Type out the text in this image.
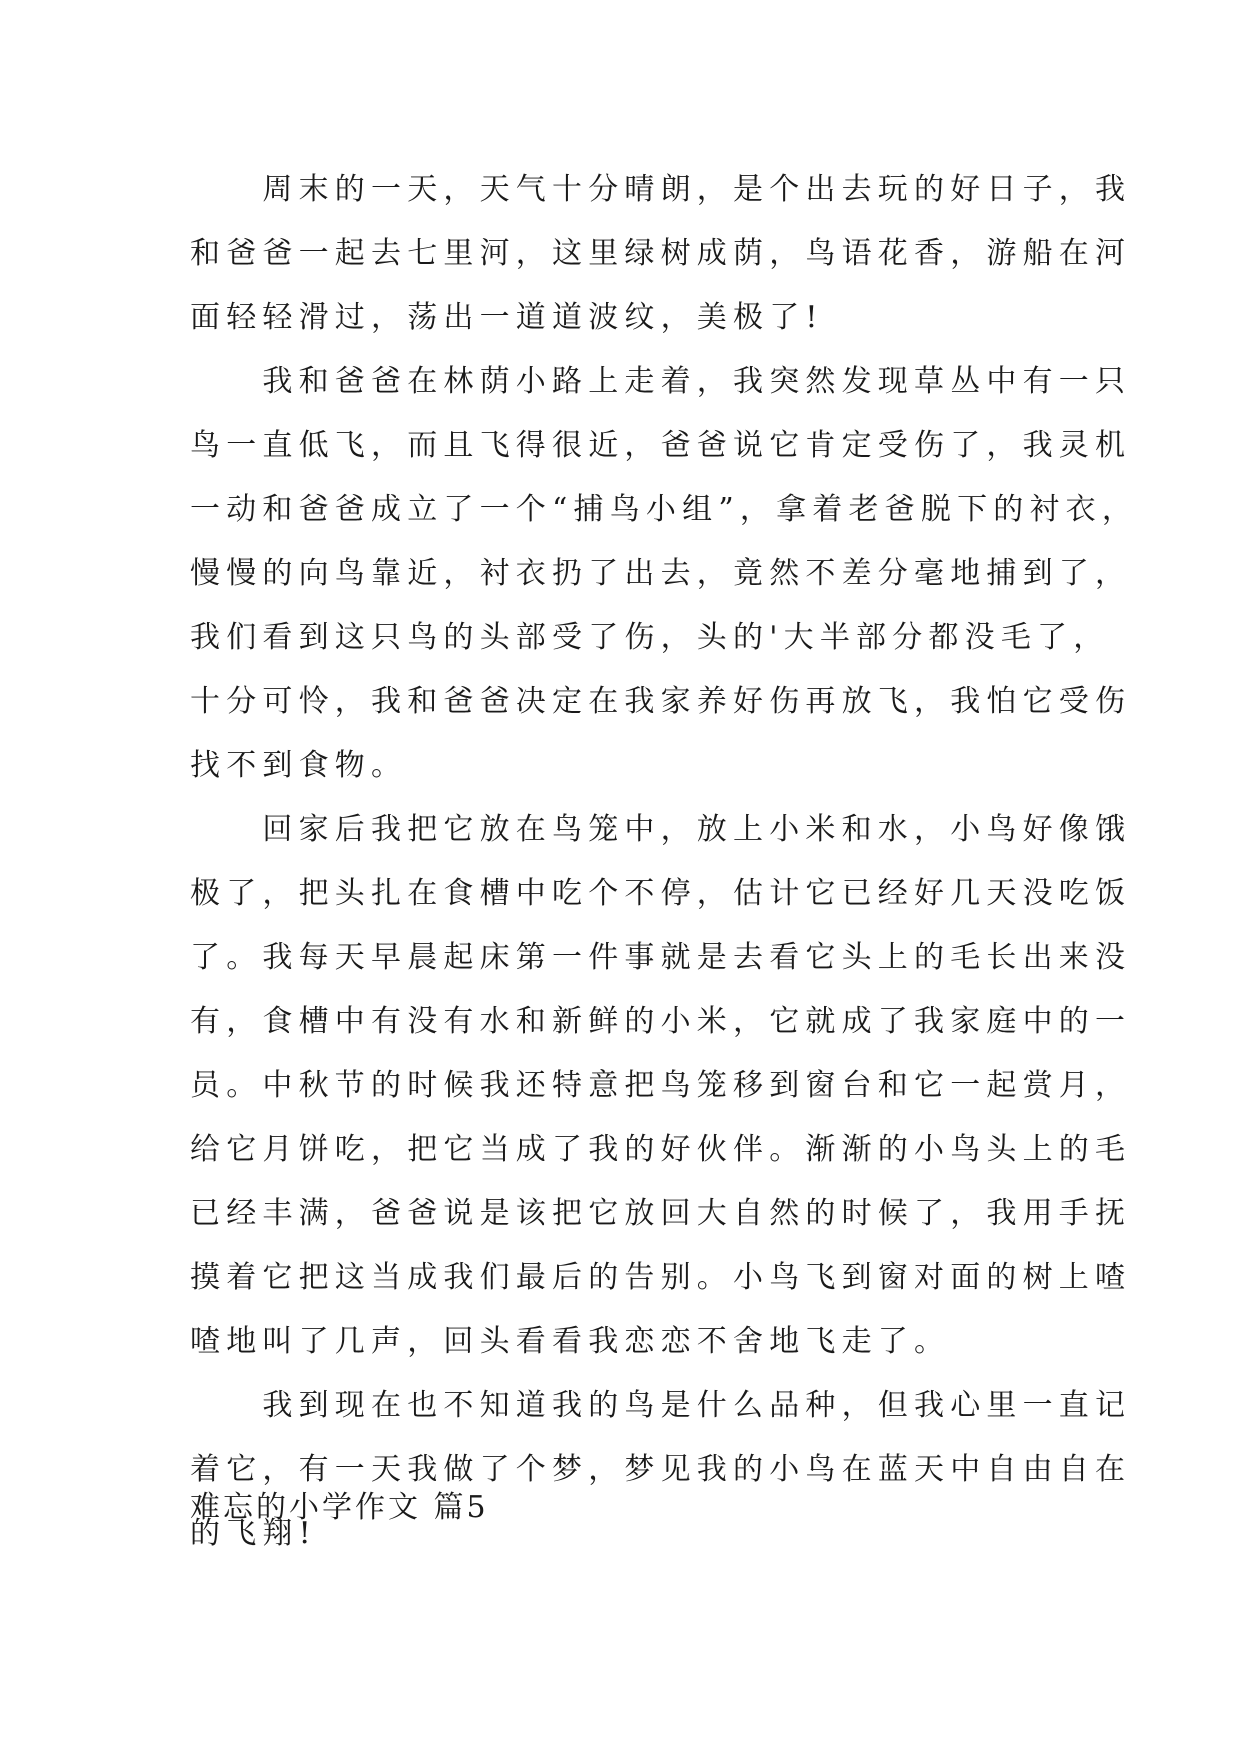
　　周末的一天，天气十分晴朗，是个出去玩的好日子，我
和爸爸一起去七里河，这里绿树成荫，鸟语花香，游船在河
面轻轻滑过，荡出一道道波纹，美极了!
　　我和爸爸在林荫小路上走着，我突然发现草丛中有一只
鸟一直低飞，而且飞得很近，爸爸说它肯定受伤了，我灵机
一动和爸爸成立了一个“捕鸟小组”，拿着老爸脱下的衬衣，
慢慢的向鸟靠近，衬衣扔了出去，竟然不差分毫地捕到了，
我们看到这只鸟的头部受了伤，头的'大半部分都没毛了，
十分可怜，我和爸爸决定在我家养好伤再放飞，我怕它受伤
找不到食物。
　　回家后我把它放在鸟笼中，放上小米和水，小鸟好像饿
极了，把头扎在食槽中吃个不停，估计它已经好几天没吃饭
了。我每天早晨起床第一件事就是去看它头上的毛长出来没
有，食槽中有没有水和新鲜的小米，它就成了我家庭中的一
员。中秋节的时候我还特意把鸟笼移到窗台和它一起赏月，
给它月饼吃，把它当成了我的好伙伴。渐渐的小鸟头上的毛
已经丰满，爸爸说是该把它放回大自然的时候了，我用手抚
摸着它把这当成我们最后的告别。小鸟飞到窗对面的树上喳
喳地叫了几声，回头看看我恋恋不舍地飞走了。
　　我到现在也不知道我的鸟是什么品种，但我心里一直记
着它，有一天我做了个梦，梦见我的小鸟在蓝天中自由自在
的飞翔!
难忘的小学作文 篇5
